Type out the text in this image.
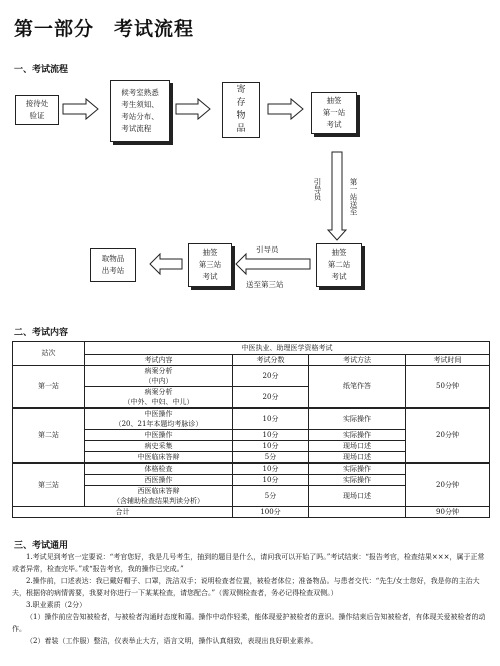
第一部分　考试流程
一、考试流程
接待处
验证
候考室熟悉
考生须知、
考站分布、
考试流程
寄
存
物
品
抽签
第一站
考试
抽签
第二站
考试
抽签
第三站
考试
取物品
出考站
引导员	第一站送至
引导员
送至第三站
二、考试内容
站次	中医执业、助理医学资格考试			
	考试内容	考试分数	考试方法	考试时间
第一站	病案分析	20分	纸笔作答	50分钟
	（中内）			
	病案分析	20分		
	（中外、中妇、中儿）			
第二站	中医操作	10分	实际操作	20分钟
	（20、21年本题均考脉诊）			
	中医操作	10分	实际操作	
	病史采集	10分	现场口述	
	中医临床答辩	5分	现场口述	
第三站	体格检查	10分	实际操作	20分钟
	西医操作	10分	实际操作	
	西医临床答辩	5分	现场口述	
	（含辅助检查结果判读分析）			
合计		100分		90分钟
三、考试通用

1.考试见到考官一定要说：“考官您好，我是几号考生，抽到的题目是什么，请问我可以开始了吗。”考试结束：“报告考官，检查结果×××，属于正常或者异常，检查完毕。”或“报告考官，我的操作已完成。”

2.操作前，口述表达：我已戴好帽子、口罩，洗洁双手；说明检查者位置，被检者体位；准备物品。与患者交代：“先生/女士您好，我是你的主治大夫，根据你的病情需要，我要对你进行一下某某检查，请您配合。”（需双侧检查者，务必记得检查双侧。）

3.职业素质（2分）

（1）操作前应告知被检者，与被检者沟通时态度和蔼。操作中动作轻柔，能体现爱护被检者的意识。操作结束后告知被检者，有体现关爱被检者的动作。

（2）着装（工作服）整洁，仪表举止大方，语言文明，操作认真细致，表现出良好职业素养。
